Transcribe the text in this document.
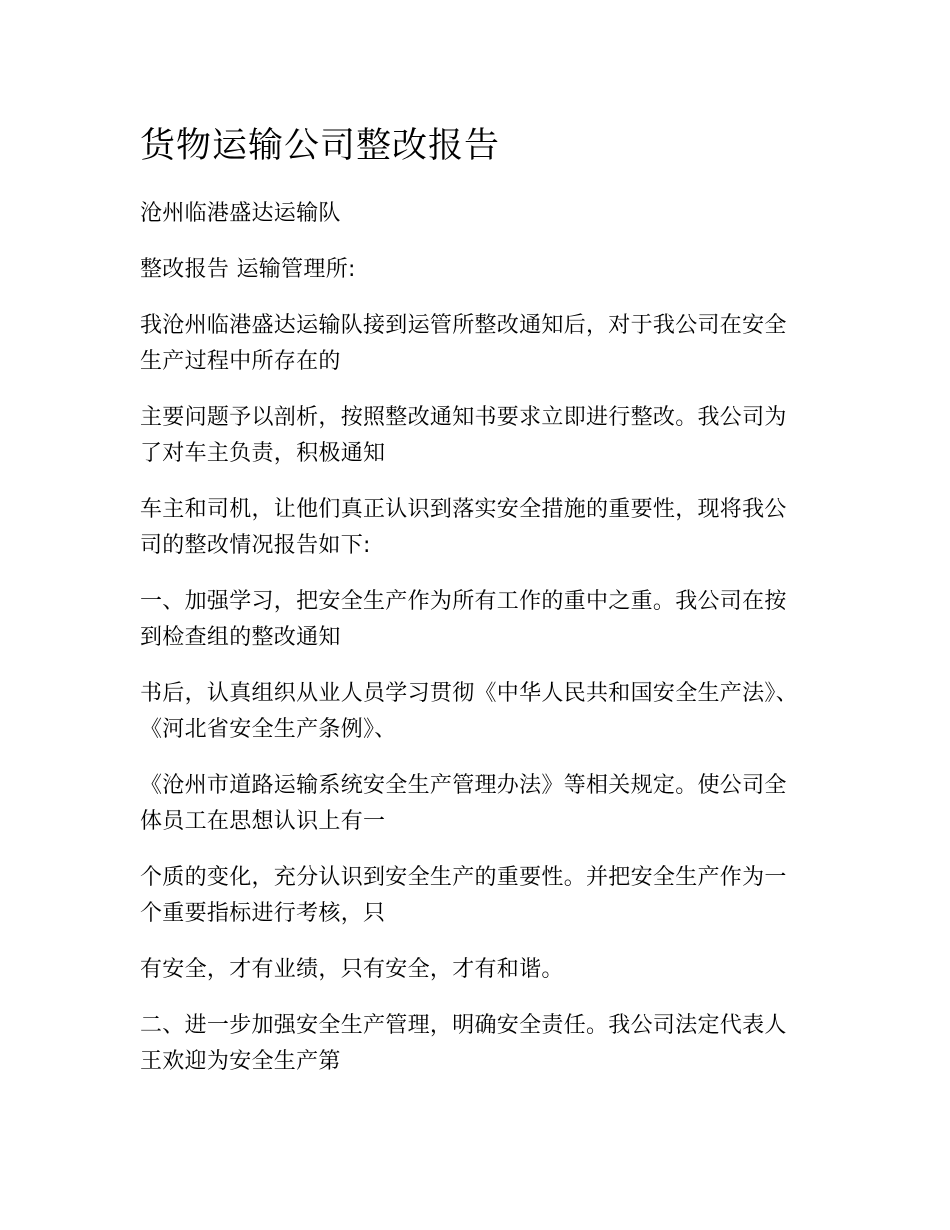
货物运输公司整改报告

沧州临港盛达运输队

整改报告 运输管理所:

我沧州临港盛达运输队接到运管所整改通知后，对于我公司在安全生产过程中所存在的

主要问题予以剖析，按照整改通知书要求立即进行整改。我公司为了对车主负责，积极通知

车主和司机，让他们真正认识到落实安全措施的重要性，现将我公司的整改情况报告如下:

一、加强学习，把安全生产作为所有工作的重中之重。我公司在按到检查组的整改通知

书后，认真组织从业人员学习贯彻《中华人民共和国安全生产法》、《河北省安全生产条例》、

《沧州市道路运输系统安全生产管理办法》等相关规定。使公司全体员工在思想认识上有一

个质的变化，充分认识到安全生产的重要性。并把安全生产作为一个重要指标进行考核，只

有安全，才有业绩，只有安全，才有和谐。

二、进一步加强安全生产管理，明确安全责任。我公司法定代表人王欢迎为安全生产第
